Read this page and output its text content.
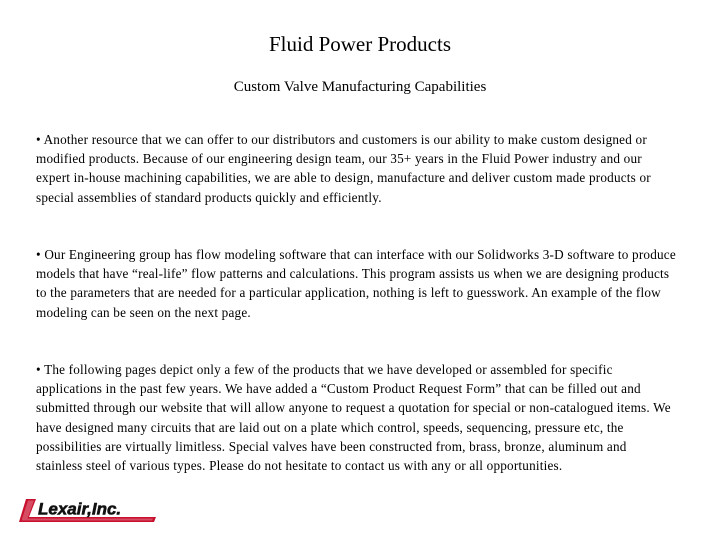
Fluid Power Products
Custom Valve Manufacturing Capabilities

• Another resource that we can offer to our distributors and customers is our ability to make custom designed or modified products. Because of our engineering design team, our 35+ years in the Fluid Power industry and our expert in-house machining capabilities, we are able to design, manufacture and deliver custom made products or special assemblies of standard products quickly and efficiently.

• Our Engineering group has flow modeling software that can interface with our Solidworks 3-D software to produce models that have “real-life” flow patterns and calculations. This program assists us when we are designing products to the parameters that are needed for a particular application, nothing is left to guesswork. An example of the flow modeling can be seen on the next page.

• The following pages depict only a few of the products that we have developed or assembled for specific applications in the past few years. We have added a “Custom Product Request Form” that can be filled out and submitted through our website that will allow anyone to request a quotation for special or non-catalogued items. We have designed many circuits that are laid out on a plate which control, speeds, sequencing, pressure etc, the possibilities are virtually limitless. Special valves have been constructed from, brass, bronze, aluminum and stainless steel of various types. Please do not hesitate to contact us with any or all opportunities.

Lexair,Inc.
